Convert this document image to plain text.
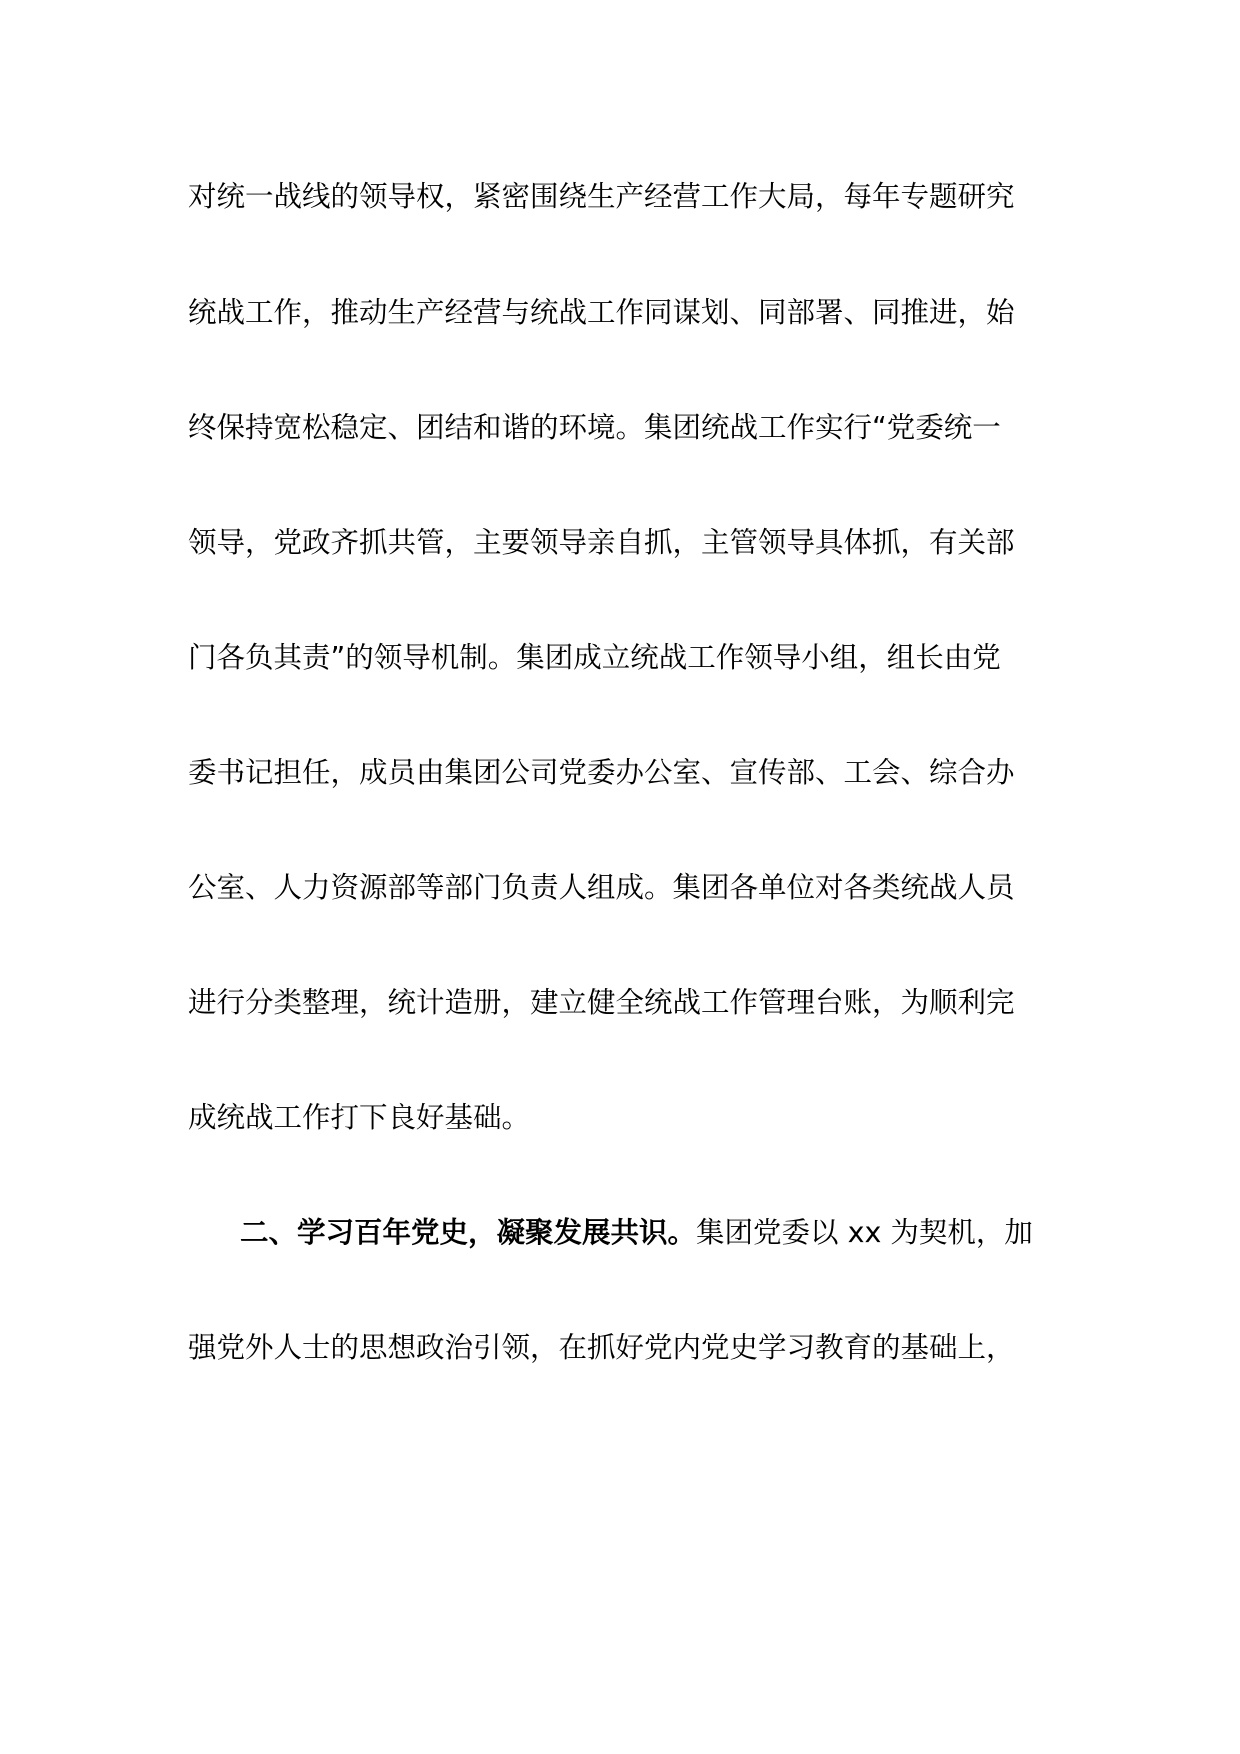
对统一战线的领导权，紧密围绕生产经营工作大局，每年专题研究
统战工作，推动生产经营与统战工作同谋划、同部署、同推进，始
终保持宽松稳定、团结和谐的环境。集团统战工作实行“党委统一
领导，党政齐抓共管，主要领导亲自抓，主管领导具体抓，有关部
门各负其责”的领导机制。集团成立统战工作领导小组，组长由党
委书记担任，成员由集团公司党委办公室、宣传部、工会、综合办
公室、人力资源部等部门负责人组成。集团各单位对各类统战人员
进行分类整理，统计造册，建立健全统战工作管理台账，为顺利完
成统战工作打下良好基础。
二、学习百年党史，凝聚发展共识。集团党委以 xx 为契机，加
强党外人士的思想政治引领，在抓好党内党史学习教育的基础上，
